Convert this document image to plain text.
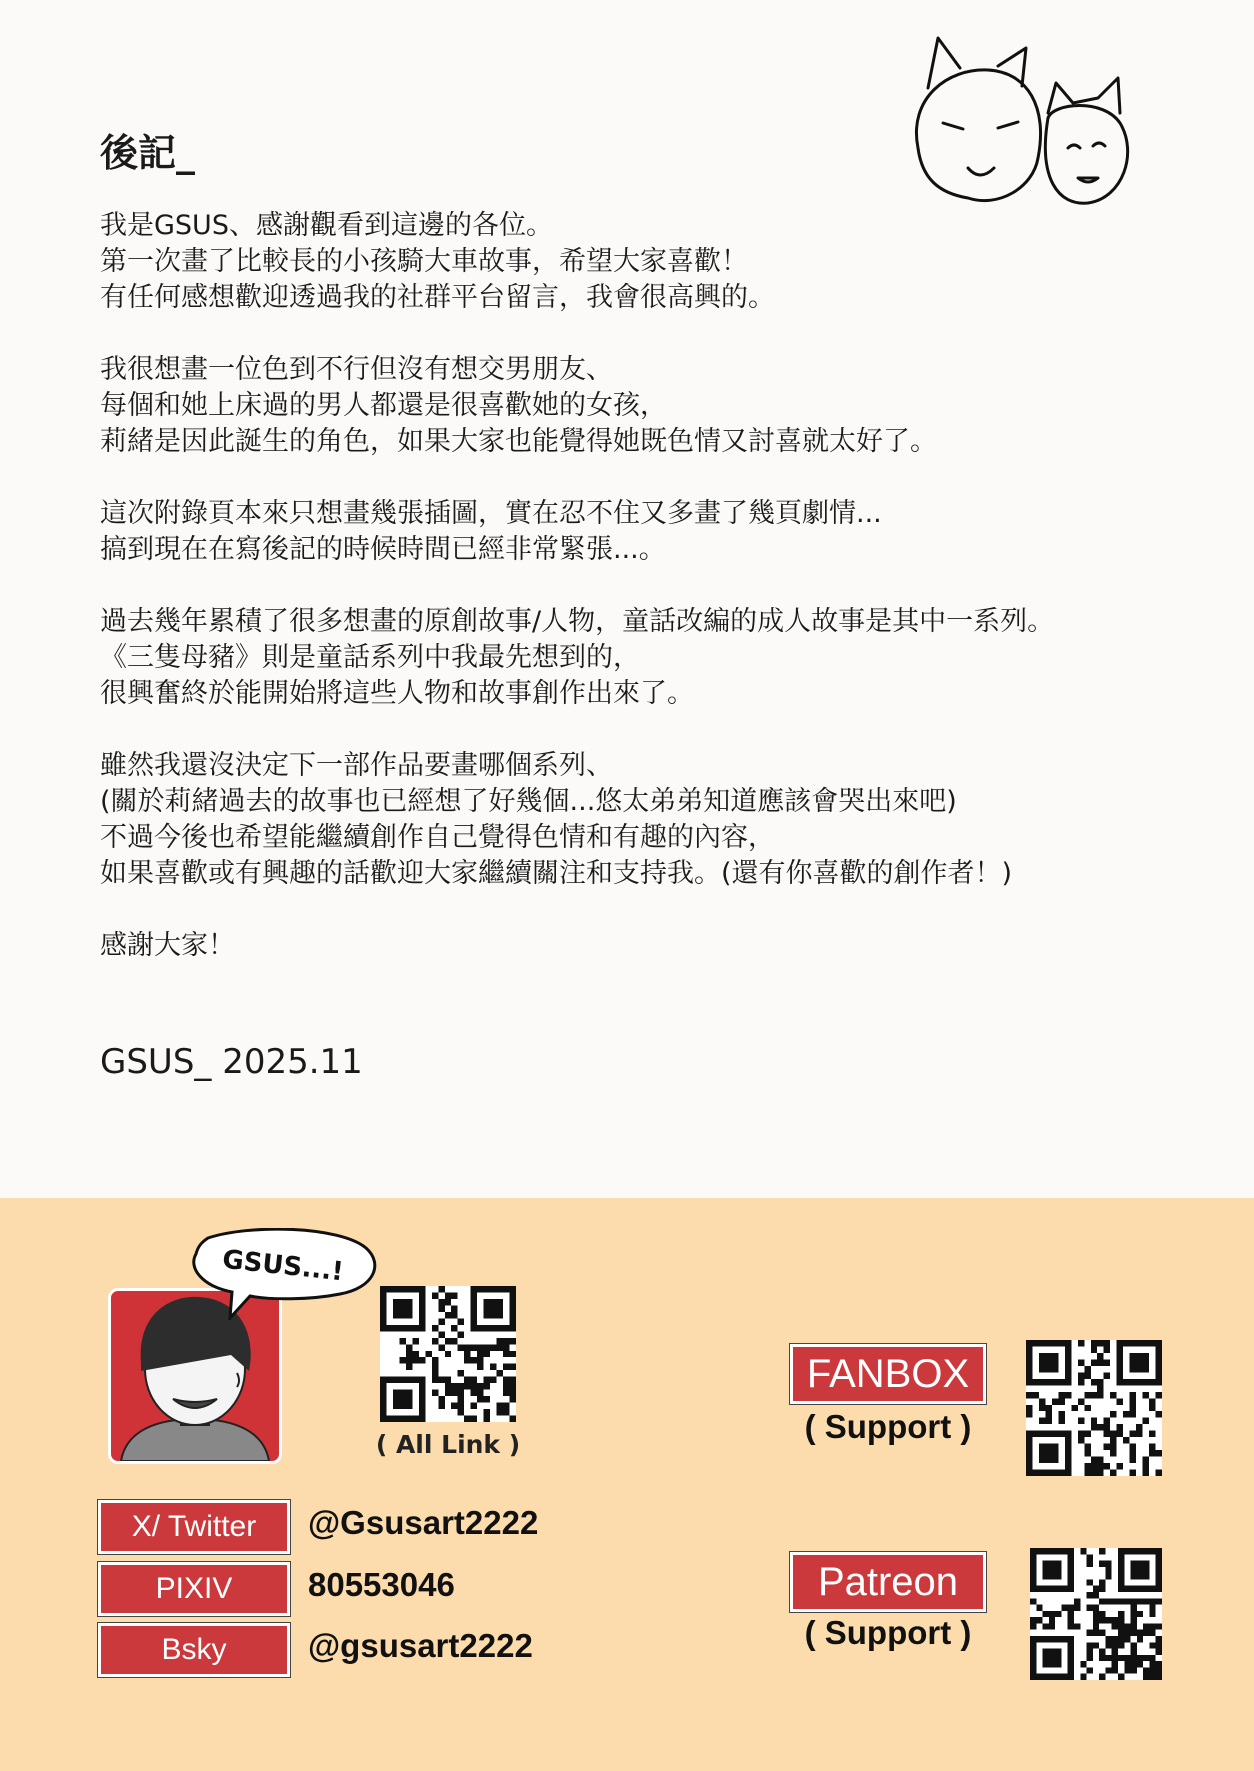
後記_

我是GSUS、感謝觀看到這邊的各位。
第一次畫了比較長的小孩騎大車故事，希望大家喜歡！
有任何感想歡迎透過我的社群平台留言，我會很高興的。

我很想畫一位色到不行但沒有想交男朋友、
每個和她上床過的男人都還是很喜歡她的女孩，
莉緒是因此誕生的角色，如果大家也能覺得她既色情又討喜就太好了。

這次附錄頁本來只想畫幾張插圖，實在忍不住又多畫了幾頁劇情...
搞到現在在寫後記的時候時間已經非常緊張...。

過去幾年累積了很多想畫的原創故事/人物，童話改編的成人故事是其中一系列。
《三隻母豬》則是童話系列中我最先想到的，
很興奮終於能開始將這些人物和故事創作出來了。

雖然我還沒決定下一部作品要畫哪個系列、
(關於莉緒過去的故事也已經想了好幾個...悠太弟弟知道應該會哭出來吧)
不過今後也希望能繼續創作自己覺得色情和有趣的內容，
如果喜歡或有興趣的話歡迎大家繼續關注和支持我。(還有你喜歡的創作者！)

感謝大家！

GSUS_ 2025.11
GSUS...!
( All Link )
X/ Twitter	@Gsusart2222
PIXIV	80553046
Bsky	@gsusart2222
FANBOX
( Support )
Patreon
( Support )
